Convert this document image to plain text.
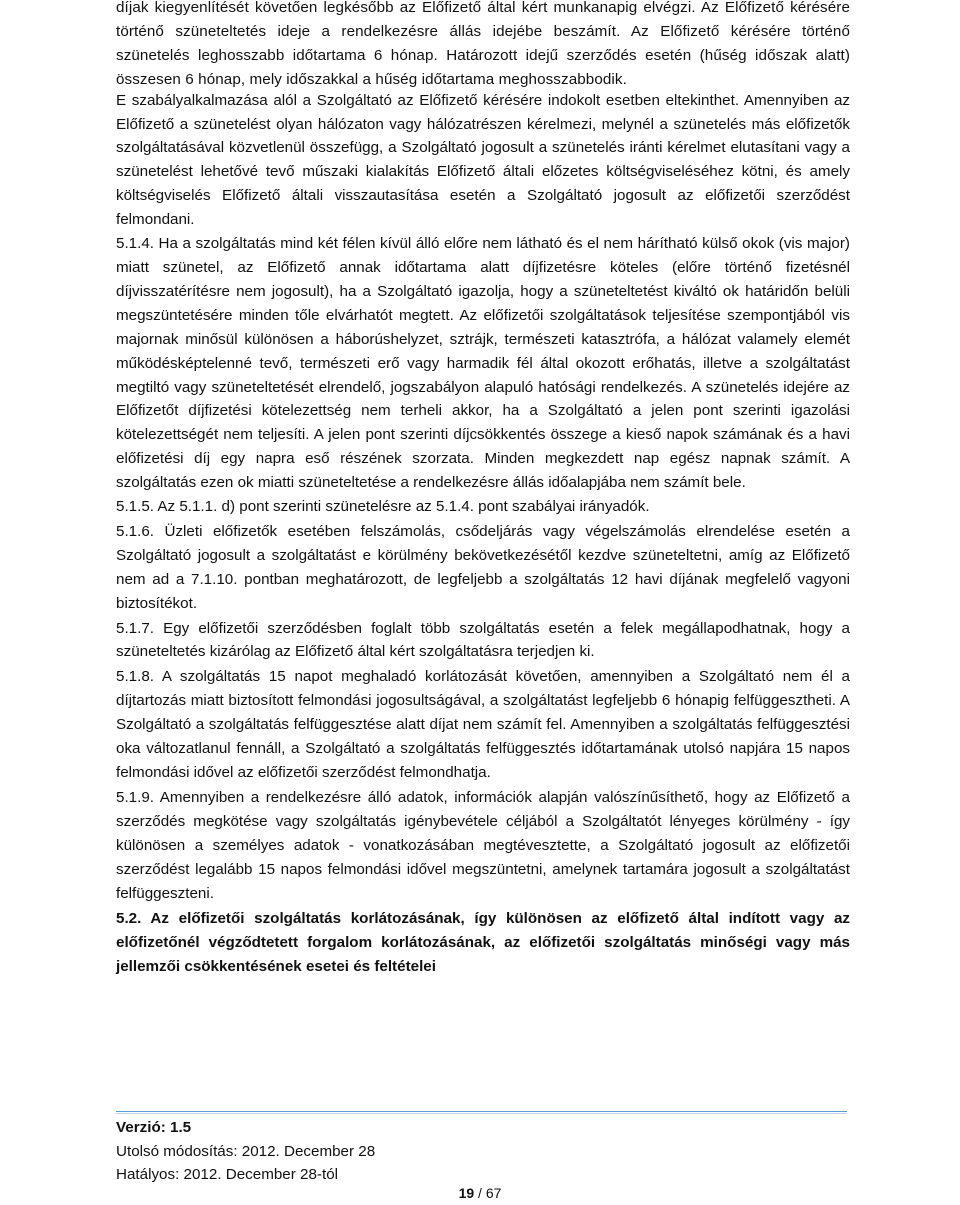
díjak kiegyenlítését követően legkésőbb az Előfizető által kért munkanapig elvégzi. Az Előfizető kérésére történő szüneteltetés ideje a rendelkezésre állás idejébe beszámít. Az Előfizető kérésére történő szünetelés leghosszabb időtartama 6 hónap. Határozott idejű szerződés esetén (hűség időszak alatt) összesen 6 hónap, mely időszakkal a hűség időtartama meghosszabbodik.

E szabályalkalmazása alól a Szolgáltató az Előfizető kérésére indokolt esetben eltekinthet. Amennyiben az Előfizető a szünetelést olyan hálózaton vagy hálózatrészen kérelmezi, melynél a szünetelés más előfizetők szolgáltatásával közvetlenül összefügg, a Szolgáltató jogosult a szünetelés iránti kérelmet elutasítani vagy a szünetelést lehetővé tevő műszaki kialakítás Előfizető általi előzetes költségviseléséhez kötni, és amely költségviselés Előfizető általi visszautasítása esetén a Szolgáltató jogosult az előfizetői szerződést felmondani.

5.1.4. Ha a szolgáltatás mind két félen kívül álló előre nem látható és el nem hárítható külső okok (vis major) miatt szünetel, az Előfizető annak időtartama alatt díjfizetésre köteles (előre történő fizetésnél díjvisszatérítésre nem jogosult), ha a Szolgáltató igazolja, hogy a szüneteltetést kiváltó ok határidőn belüli megszüntetésére minden tőle elvárhatót megtett. Az előfizetői szolgáltatások teljesítése szempontjából vis majornak minősül különösen a háborúshelyzet, sztrájk, természeti katasztrófa, a hálózat valamely elemét működésképtelenné tevő, természeti erő vagy harmadik fél által okozott erőhatás, illetve a szolgáltatást megtiltó vagy szüneteltetését elrendelő, jogszabályon alapuló hatósági rendelkezés. A szünetelés idejére az Előfizetőt díjfizetési kötelezettség nem terheli akkor, ha a Szolgáltató a jelen pont szerinti igazolási kötelezettségét nem teljesíti. A jelen pont szerinti díjcsökkentés összege a kieső napok számának és a havi előfizetési díj egy napra eső részének szorzata. Minden megkezdett nap egész napnak számít. A szolgáltatás ezen ok miatti szüneteltetése a rendelkezésre állás időalapjába nem számít bele.

5.1.5. Az 5.1.1. d) pont szerinti szünetelésre az 5.1.4. pont szabályai irányadók.

5.1.6. Üzleti előfizetők esetében felszámolás, csődeljárás vagy végelszámolás elrendelése esetén a Szolgáltató jogosult a szolgáltatást e körülmény bekövetkezésétől kezdve szüneteltetni, amíg az Előfizető nem ad a 7.1.10. pontban meghatározott, de legfeljebb a szolgáltatás 12 havi díjának megfelelő vagyoni biztosítékot.

5.1.7. Egy előfizetői szerződésben foglalt több szolgáltatás esetén a felek megállapodhatnak, hogy a szüneteltetés kizárólag az Előfizető által kért szolgáltatásra terjedjen ki.

5.1.8. A szolgáltatás 15 napot meghaladó korlátozását követően, amennyiben a Szolgáltató nem él a díjtartozás miatt biztosított felmondási jogosultságával, a szolgáltatást legfeljebb 6 hónapig felfüggesztheti. A Szolgáltató a szolgáltatás felfüggesztése alatt díjat nem számít fel. Amennyiben a szolgáltatás felfüggesztési oka változatlanul fennáll, a Szolgáltató a szolgáltatás felfüggesztés időtartamának utolsó napjára 15 napos felmondási idővel az előfizetői szerződést felmondhatja.

5.1.9. Amennyiben a rendelkezésre álló adatok, információk alapján valószínűsíthető, hogy az Előfizető a szerződés megkötése vagy szolgáltatás igénybevétele céljából a Szolgáltatót lényeges körülmény - így különösen a személyes adatok - vonatkozásában megtévesztette, a Szolgáltató jogosult az előfizetői szerződést legalább 15 napos felmondási idővel megszüntetni, amelynek tartamára jogosult a szolgáltatást felfüggeszteni.

5.2. Az előfizetői szolgáltatás korlátozásának, így különösen az előfizető által indított vagy az előfizetőnél végződtetett forgalom korlátozásának, az előfizetői szolgáltatás minőségi vagy más jellemzői csökkentésének esetei és feltételei

Verzió: 1.5
Utolsó módosítás: 2012. December 28
Hatályos: 2012. December 28-tól
19 / 67
